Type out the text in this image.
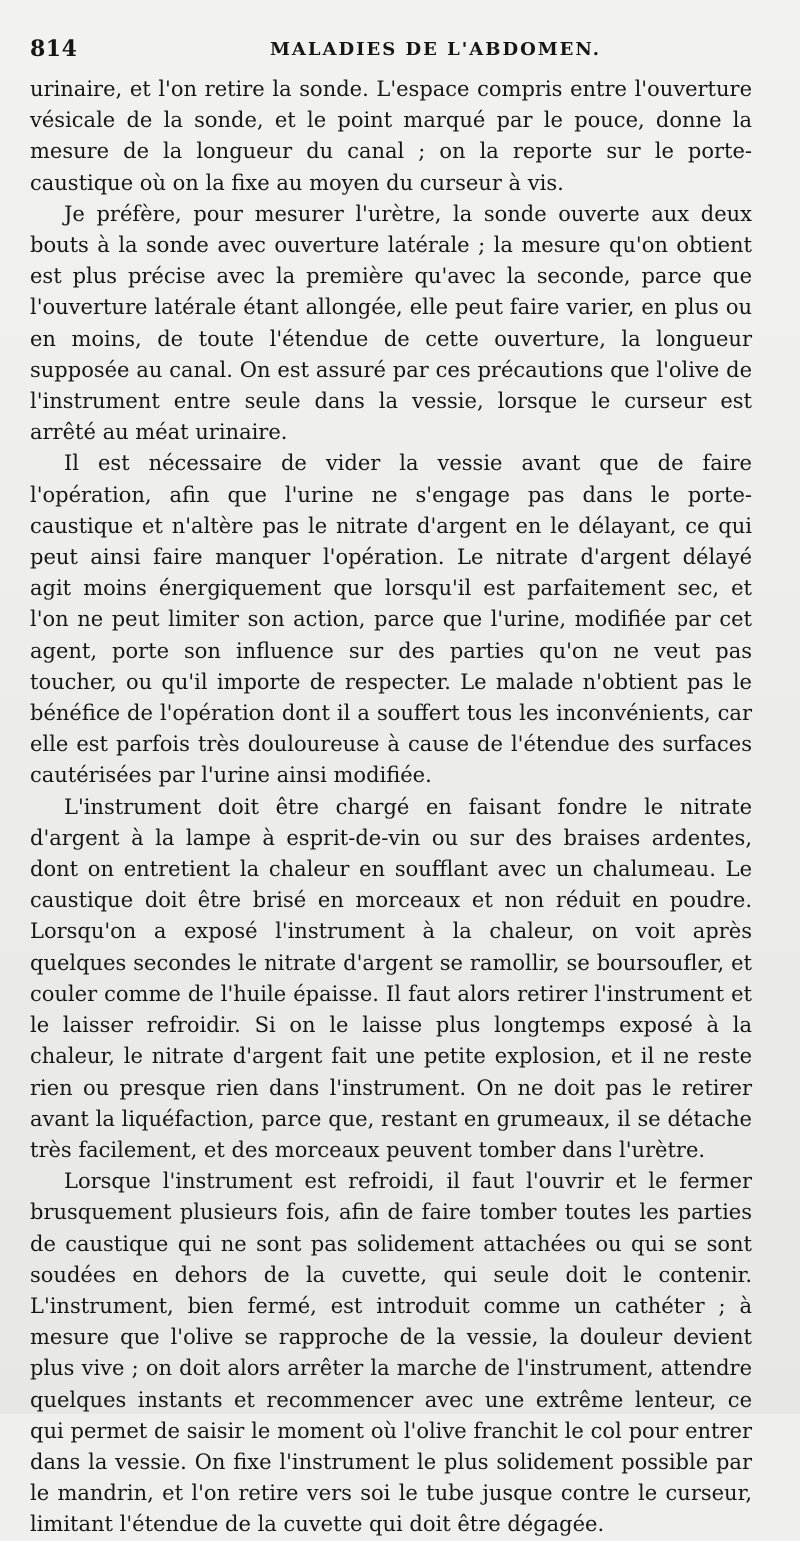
814	MALADIES DE L'ABDOMEN.

urinaire, et l'on retire la sonde. L'espace compris entre l'ouverture vésicale de la sonde, et le point marqué par le pouce, donne la mesure de la longueur du canal ; on la reporte sur le porte-caustique où on la fixe au moyen du curseur à vis.

Je préfère, pour mesurer l'urètre, la sonde ouverte aux deux bouts à la sonde avec ouverture latérale ; la mesure qu'on obtient est plus précise avec la première qu'avec la seconde, parce que l'ouverture latérale étant allongée, elle peut faire varier, en plus ou en moins, de toute l'étendue de cette ouverture, la longueur supposée au canal. On est assuré par ces précautions que l'olive de l'instrument entre seule dans la vessie, lorsque le curseur est arrêté au méat urinaire.

Il est nécessaire de vider la vessie avant que de faire l'opération, afin que l'urine ne s'engage pas dans le porte-caustique et n'altère pas le nitrate d'argent en le délayant, ce qui peut ainsi faire manquer l'opération. Le nitrate d'argent délayé agit moins énergiquement que lorsqu'il est parfaitement sec, et l'on ne peut limiter son action, parce que l'urine, modifiée par cet agent, porte son influence sur des parties qu'on ne veut pas toucher, ou qu'il importe de respecter. Le malade n'obtient pas le bénéfice de l'opération dont il a souffert tous les inconvénients, car elle est parfois très douloureuse à cause de l'étendue des surfaces cautérisées par l'urine ainsi modifiée.

L'instrument doit être chargé en faisant fondre le nitrate d'argent à la lampe à esprit-de-vin ou sur des braises ardentes, dont on entretient la chaleur en soufflant avec un chalumeau. Le caustique doit être brisé en morceaux et non réduit en poudre. Lorsqu'on a exposé l'instrument à la chaleur, on voit après quelques secondes le nitrate d'argent se ramollir, se boursoufler, et couler comme de l'huile épaisse. Il faut alors retirer l'instrument et le laisser refroidir. Si on le laisse plus longtemps exposé à la chaleur, le nitrate d'argent fait une petite explosion, et il ne reste rien ou presque rien dans l'instrument. On ne doit pas le retirer avant la liquéfaction, parce que, restant en grumeaux, il se détache très facilement, et des morceaux peuvent tomber dans l'urètre.

Lorsque l'instrument est refroidi, il faut l'ouvrir et le fermer brusquement plusieurs fois, afin de faire tomber toutes les parties de caustique qui ne sont pas solidement attachées ou qui se sont soudées en dehors de la cuvette, qui seule doit le contenir. L'instrument, bien fermé, est introduit comme un cathéter ; à mesure que l'olive se rapproche de la vessie, la douleur devient plus vive ; on doit alors arrêter la marche de l'instrument, attendre quelques instants et recommencer avec une extrême lenteur, ce qui permet de saisir le moment où l'olive franchit le col pour entrer dans la vessie. On fixe l'instrument le plus solidement possible par le mandrin, et l'on retire vers soi le tube jusque contre le curseur, limitant l'étendue de la cuvette qui doit être dégagée.
